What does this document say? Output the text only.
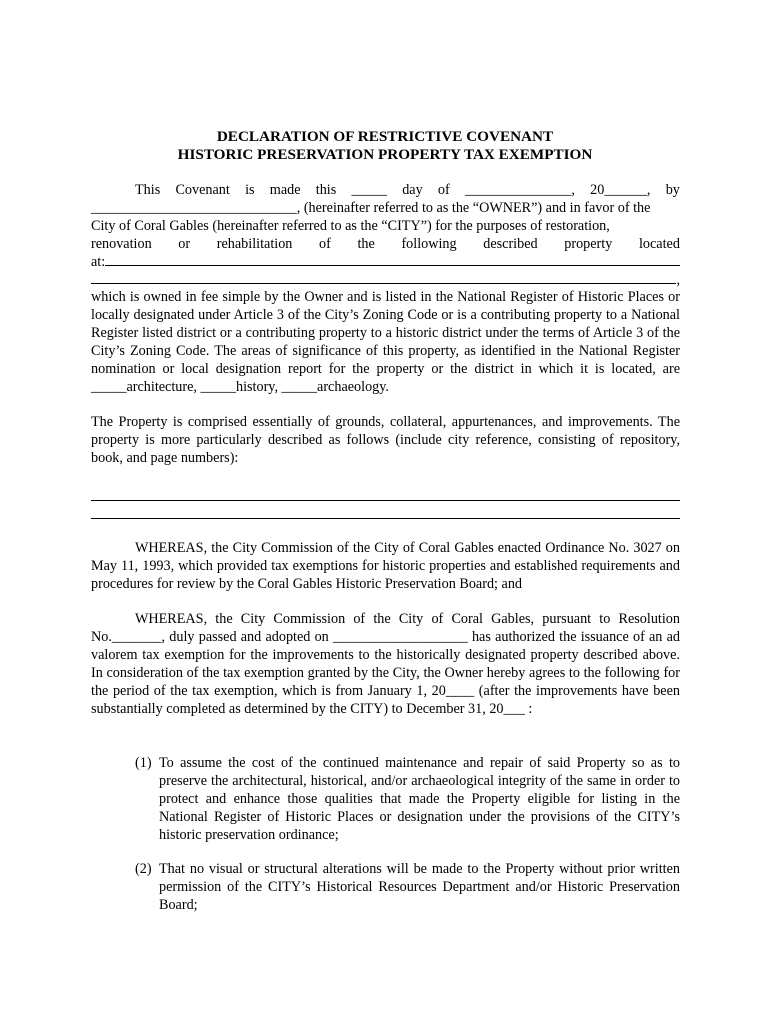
DECLARATION OF RESTRICTIVE COVENANT
HISTORIC PRESERVATION PROPERTY TAX EXEMPTION
This Covenant is made this _____ day of _______________, 20______, by
_____________________________, (hereinafter referred to as the “OWNER”) and in favor of the
City of Coral Gables (hereinafter referred to as the “CITY”) for the purposes of restoration,
renovation or rehabilitation of the following described property located
at:
,
which is owned in fee simple by the Owner and is listed in the National Register of Historic Places or locally designated under Article 3 of the City’s Zoning Code or is a contributing property to a National Register listed district or a contributing property to a historic district under the terms of Article 3 of the City’s Zoning Code. The areas of significance of this property, as identified in the National Register nomination or local designation report for the property or the district in which it is located, are _____architecture, _____history, _____archaeology.
The Property is comprised essentially of grounds, collateral, appurtenances, and improvements. The property is more particularly described as follows (include city reference, consisting of repository, book, and page numbers):
WHEREAS, the City Commission of the City of Coral Gables enacted Ordinance No. 3027 on May 11, 1993, which provided tax exemptions for historic properties and established requirements and procedures for review by the Coral Gables Historic Preservation Board; and
WHEREAS, the City Commission of the City of Coral Gables, pursuant to Resolution No._______, duly passed and adopted on ___________________ has authorized the issuance of an ad valorem tax exemption for the improvements to the historically designated property described above. In consideration of the tax exemption granted by the City, the Owner hereby agrees to the following for the period of the tax exemption, which is from January 1, 20____ (after the improvements have been substantially completed as determined by the CITY) to December 31, 20___ :
(1) To assume the cost of the continued maintenance and repair of said Property so as to preserve the architectural, historical, and/or archaeological integrity of the same in order to protect and enhance those qualities that made the Property eligible for listing in the National Register of Historic Places or designation under the provisions of the CITY’s historic preservation ordinance;
(2) That no visual or structural alterations will be made to the Property without prior written permission of the CITY’s Historical Resources Department and/or Historic Preservation Board;
